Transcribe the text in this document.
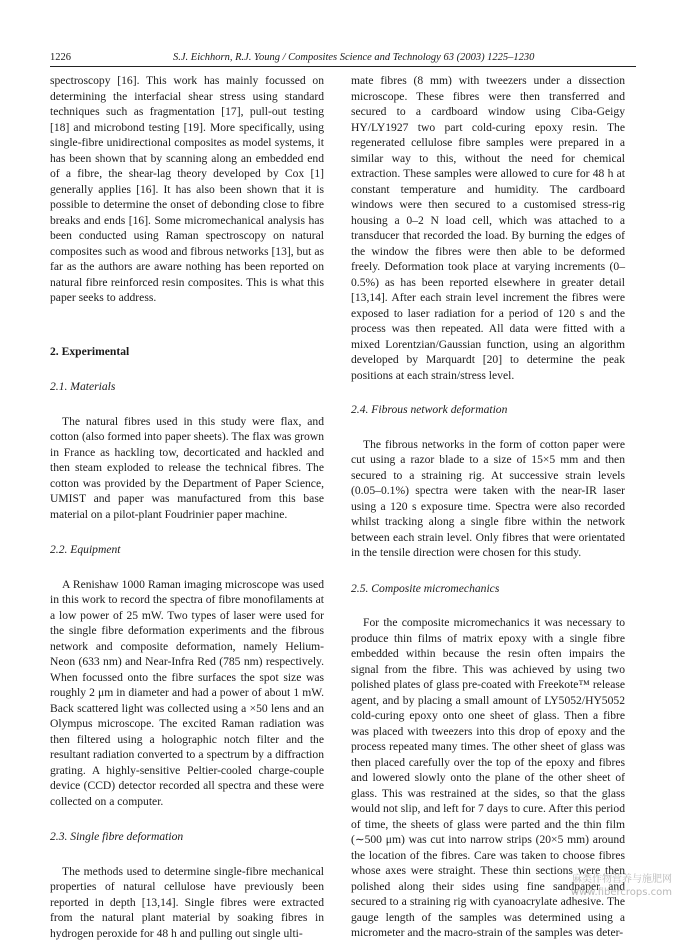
1226	S.J. Eichhorn, R.J. Young / Composites Science and Technology 63 (2003) 1225–1230

spectroscopy [16]. This work has mainly focussed on determining the interfacial shear stress using standard techniques such as fragmentation [17], pull-out testing [18] and microbond testing [19]. More specifically, using single-fibre unidirectional composites as model systems, it has been shown that by scanning along an embedded end of a fibre, the shear-lag theory developed by Cox [1] generally applies [16]. It has also been shown that it is possible to determine the onset of debonding close to fibre breaks and ends [16]. Some micromechanical analysis has been conducted using Raman spectroscopy on natural composites such as wood and fibrous networks [13], but as far as the authors are aware nothing has been reported on natural fibre reinforced resin composites. This is what this paper seeks to address.

2. Experimental
2.1. Materials

The natural fibres used in this study were flax, and cotton (also formed into paper sheets). The flax was grown in France as hackling tow, decorticated and hackled and then steam exploded to release the technical fibres. The cotton was provided by the Department of Paper Science, UMIST and paper was manufactured from this base material on a pilot-plant Foudrinier paper machine.

2.2. Equipment

A Renishaw 1000 Raman imaging microscope was used in this work to record the spectra of fibre monofilaments at a low power of 25 mW. Two types of laser were used for the single fibre deformation experiments and the fibrous network and composite deformation, namely Helium-Neon (633 nm) and Near-Infra Red (785 nm) respectively. When focussed onto the fibre surfaces the spot size was roughly 2 μm in diameter and had a power of about 1 mW. Back scattered light was collected using a ×50 lens and an Olympus microscope. The excited Raman radiation was then filtered using a holographic notch filter and the resultant radiation converted to a spectrum by a diffraction grating. A highly-sensitive Peltier-cooled charge-couple device (CCD) detector recorded all spectra and these were collected on a computer.

2.3. Single fibre deformation

The methods used to determine single-fibre mechanical properties of natural cellulose have previously been reported in depth [13,14]. Single fibres were extracted from the natural plant material by soaking fibres in hydrogen peroxide for 48 h and pulling out single ulti-

mate fibres (8 mm) with tweezers under a dissection microscope. These fibres were then transferred and secured to a cardboard window using Ciba-Geigy HY/LY1927 two part cold-curing epoxy resin. The regenerated cellulose fibre samples were prepared in a similar way to this, without the need for chemical extraction. These samples were allowed to cure for 48 h at constant temperature and humidity. The cardboard windows were then secured to a customised stress-rig housing a 0–2 N load cell, which was attached to a transducer that recorded the load. By burning the edges of the window the fibres were then able to be deformed freely. Deformation took place at varying increments (0–0.5%) as has been reported elsewhere in greater detail [13,14]. After each strain level increment the fibres were exposed to laser radiation for a period of 120 s and the process was then repeated. All data were fitted with a mixed Lorentzian/Gaussian function, using an algorithm developed by Marquardt [20] to determine the peak positions at each strain/stress level.

2.4. Fibrous network deformation

The fibrous networks in the form of cotton paper were cut using a razor blade to a size of 15×5 mm and then secured to a straining rig. At successive strain levels (0.05–0.1%) spectra were taken with the near-IR laser using a 120 s exposure time. Spectra were also recorded whilst tracking along a single fibre within the network between each strain level. Only fibres that were orientated in the tensile direction were chosen for this study.

2.5. Composite micromechanics

For the composite micromechanics it was necessary to produce thin films of matrix epoxy with a single fibre embedded within because the resin often impairs the signal from the fibre. This was achieved by using two polished plates of glass pre-coated with Freekote™ release agent, and by placing a small amount of LY5052/HY5052 cold-curing epoxy onto one sheet of glass. Then a fibre was placed with tweezers into this drop of epoxy and the process repeated many times. The other sheet of glass was then placed carefully over the top of the epoxy and fibres and lowered slowly onto the plane of the other sheet of glass. This was restrained at the sides, so that the glass would not slip, and left for 7 days to cure. After this period of time, the sheets of glass were parted and the thin film (∼500 μm) was cut into narrow strips (20×5 mm) around the location of the fibres. Care was taken to choose fibres whose axes were straight. These thin sections were then polished along their sides using fine sandpaper and secured to a straining rig with cyanoacrylate adhesive. The gauge length of the samples was determined using a micrometer and the macro-strain of the samples was deter-

麻类作物营养与施肥网
www.fibercrops.com
